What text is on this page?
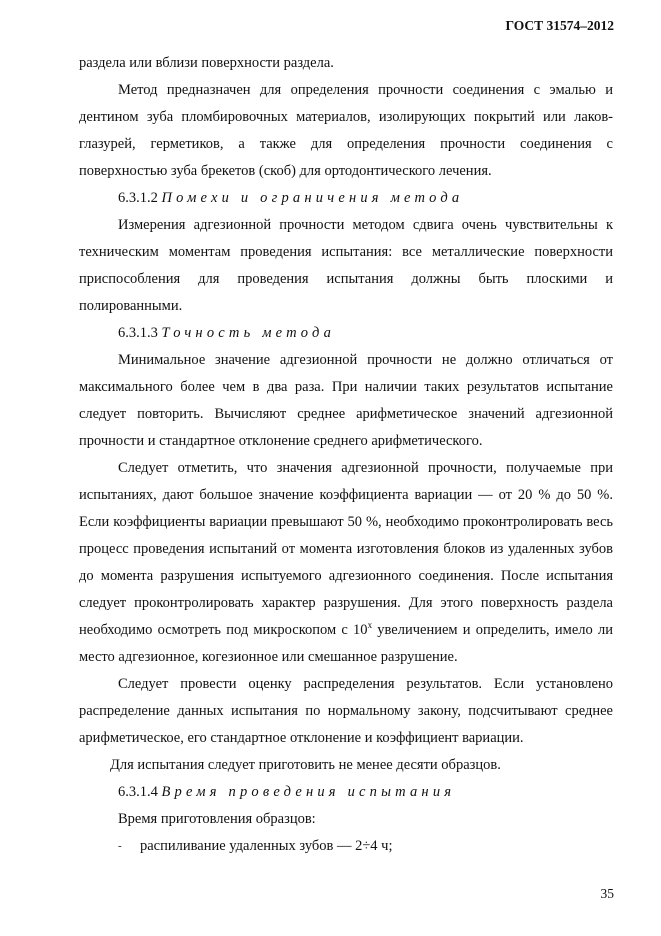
ГОСТ 31574–2012

раздела или вблизи поверхности раздела.

Метод предназначен для определения прочности соединения с эмалью и дентином зуба пломбировочных материалов, изолирующих покрытий или лаков-глазурей, герметиков, а также для определения прочности соединения с поверхностью зуба брекетов (скоб) для ортодонтического лечения.

6.3.1.2 Помехи и ограничения метода

Измерения адгезионной прочности методом сдвига очень чувствительны к техническим моментам проведения испытания: все металлические поверхности приспособления для проведения испытания должны быть плоскими и полированными.

6.3.1.3 Точность метода

Минимальное значение адгезионной прочности не должно отличаться от максимального более чем в два раза. При наличии таких результатов испытание следует повторить. Вычисляют среднее арифметическое значений адгезионной прочности и стандартное отклонение среднего арифметического.

Следует отметить, что значения адгезионной прочности, получаемые при испытаниях, дают большое значение коэффициента вариации — от 20 % до 50 %. Если коэффициенты вариации превышают 50 %, необходимо проконтролировать весь процесс проведения испытаний от момента изготовления блоков из удаленных зубов до момента разрушения испытуемого адгезионного соединения. После испытания следует проконтролировать характер разрушения. Для этого поверхность раздела необходимо осмотреть под микроскопом с 10$^x$ увеличением и определить, имело ли место адгезионное, когезионное или смешанное разрушение.

Следует провести оценку распределения результатов. Если установлено распределение данных испытания по нормальному закону, подсчитывают среднее арифметическое, его стандартное отклонение и коэффициент вариации.

Для испытания следует приготовить не менее десяти образцов.

6.3.1.4 Время проведения испытания

Время приготовления образцов:

- распиливание удаленных зубов — 2÷4 ч;

35
